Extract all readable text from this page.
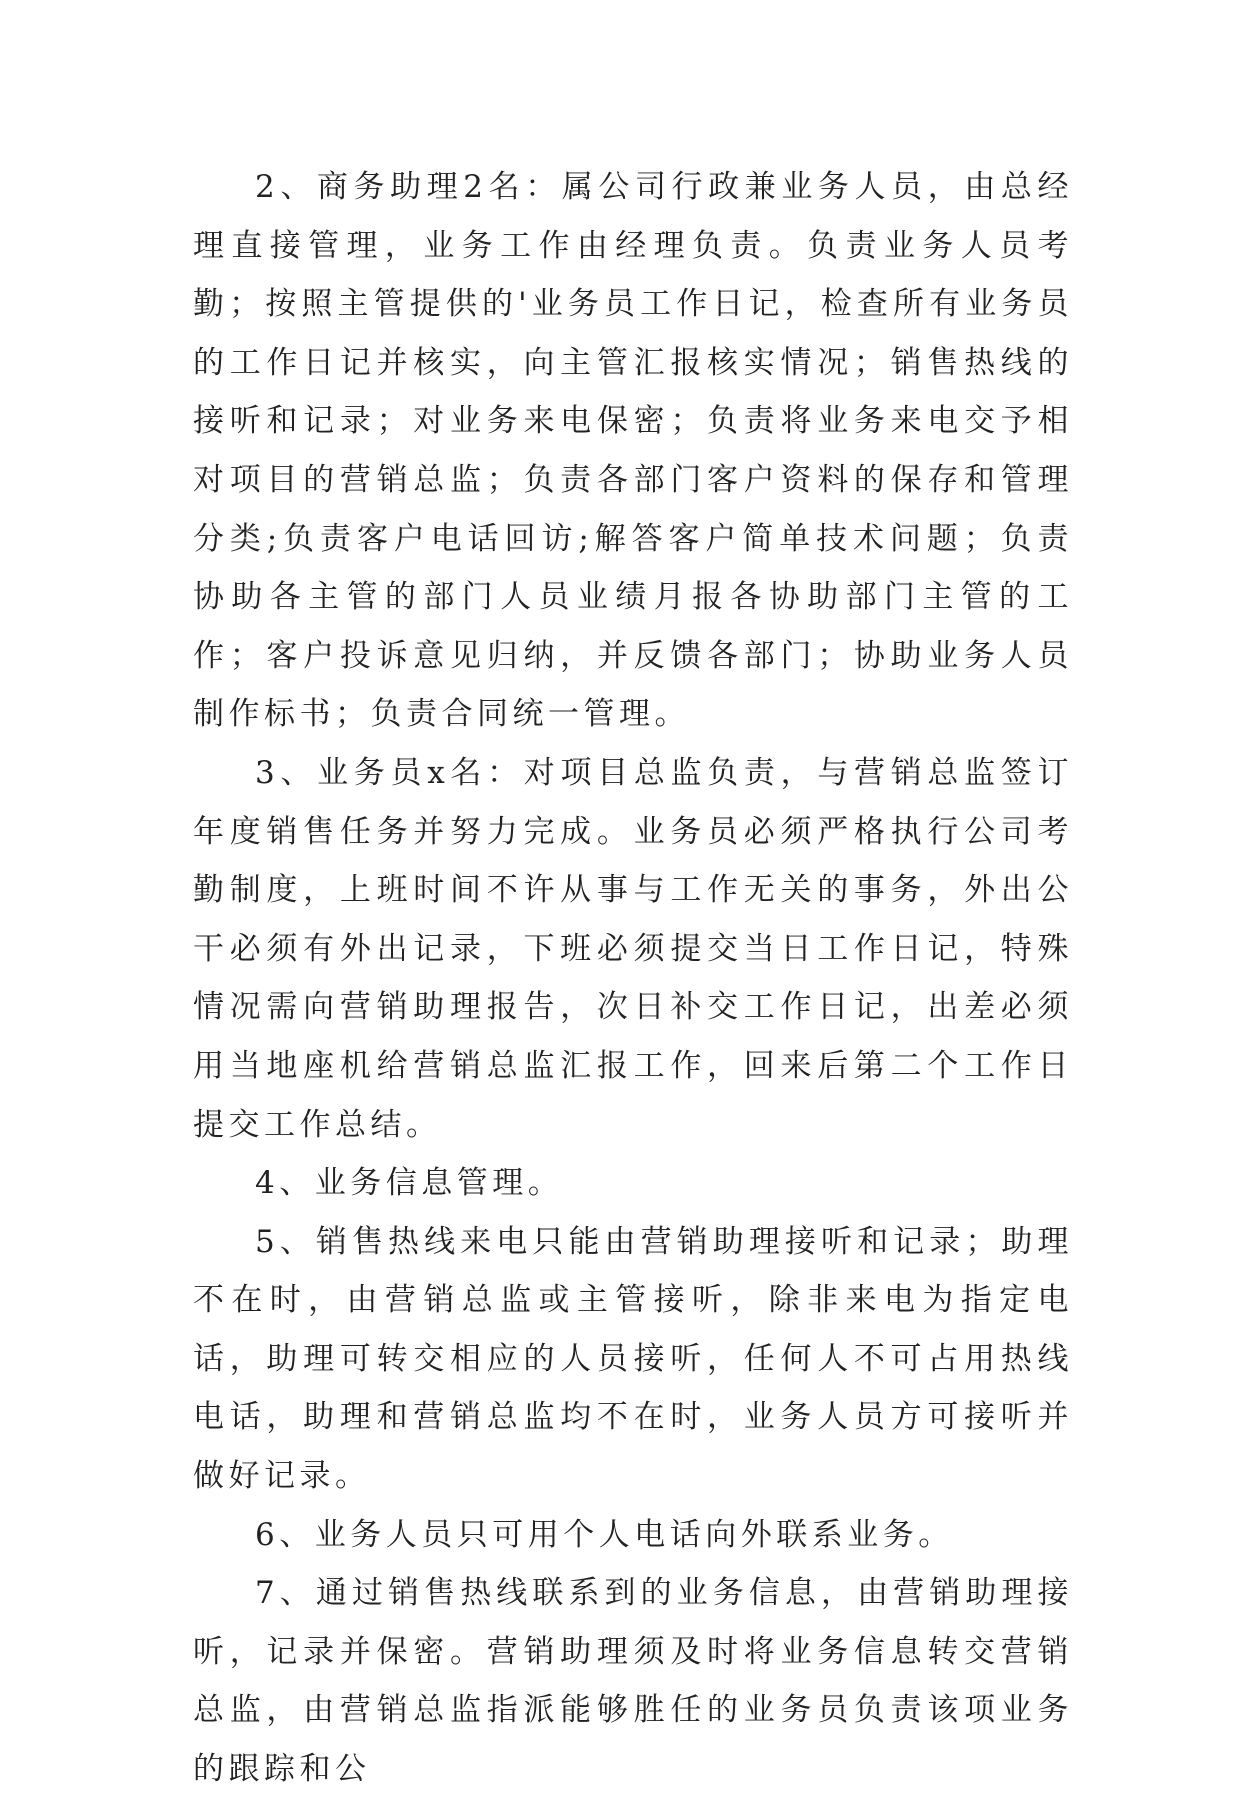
2、商务助理2名：属公司行政兼业务人员，由总经理直接管理，业务工作由经理负责。负责业务人员考勤；按照主管提供的'业务员工作日记，检查所有业务员的工作日记并核实，向主管汇报核实情况；销售热线的接听和记录；对业务来电保密；负责将业务来电交予相对项目的营销总监；负责各部门客户资料的保存和管理分类;负责客户电话回访;解答客户简单技术问题；负责协助各主管的部门人员业绩月报各协助部门主管的工作；客户投诉意见归纳，并反馈各部门；协助业务人员制作标书；负责合同统一管理。

3、业务员x名：对项目总监负责，与营销总监签订年度销售任务并努力完成。业务员必须严格执行公司考勤制度，上班时间不许从事与工作无关的事务，外出公干必须有外出记录，下班必须提交当日工作日记，特殊情况需向营销助理报告，次日补交工作日记，出差必须用当地座机给营销总监汇报工作，回来后第二个工作日提交工作总结。

4、业务信息管理。

5、销售热线来电只能由营销助理接听和记录；助理不在时，由营销总监或主管接听，除非来电为指定电话，助理可转交相应的人员接听，任何人不可占用热线电话，助理和营销总监均不在时，业务人员方可接听并做好记录。

6、业务人员只可用个人电话向外联系业务。

7、通过销售热线联系到的业务信息，由营销助理接听，记录并保密。营销助理须及时将业务信息转交营销总监，由营销总监指派能够胜任的业务员负责该项业务的跟踪和公
